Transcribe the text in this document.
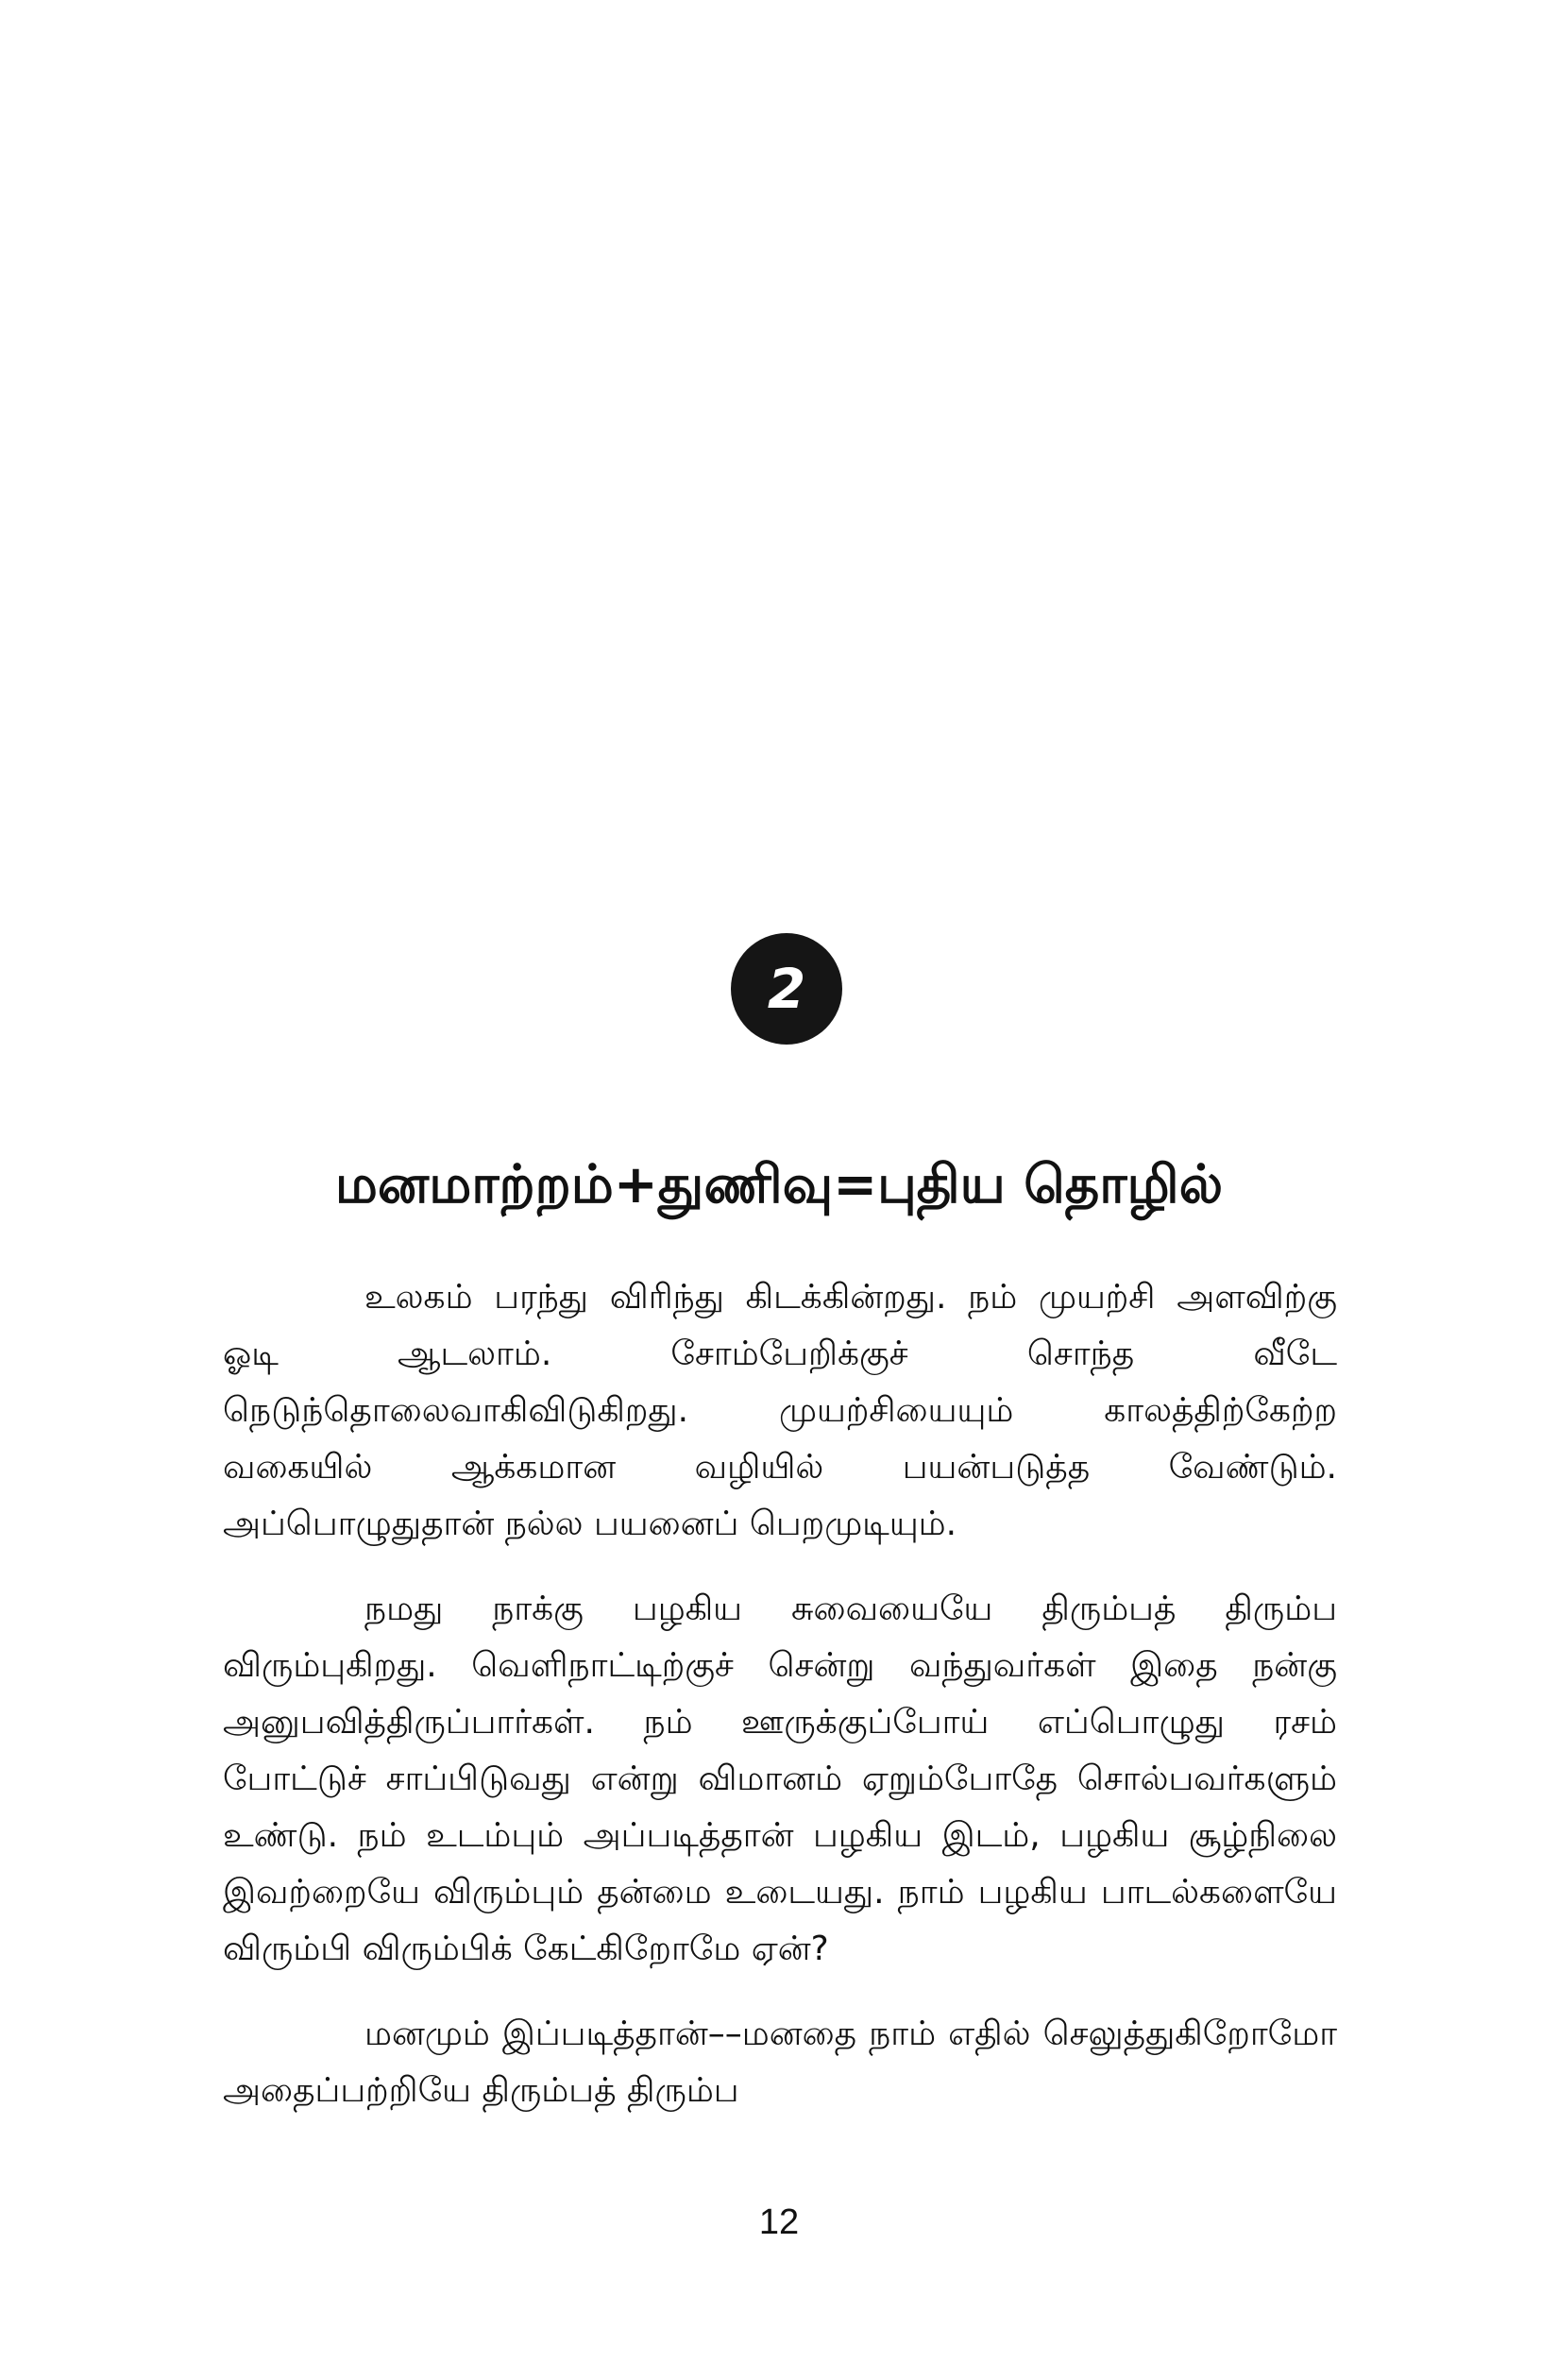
2
மனமாற்றம்+துணிவு=புதிய தொழில்

உலகம் பரந்து விரிந்து கிடக்கின்றது. நம் முயற்சி அளவிற்கு ஓடி ஆடலாம். சோம்பேறிக்குச் சொந்த வீடே நெடுந்தொலைவாகிவிடுகிறது. முயற்சியையும் காலத்திற்கேற்ற வகையில் ஆக்கமான வழியில் பயன்படுத்த வேண்டும். அப்பொழுதுதான் நல்ல பயனைப் பெறமுடியும்.

நமது நாக்கு பழகிய சுவையையே திரும்பத் திரும்ப விரும்புகிறது. வெளிநாட்டிற்குச் சென்று வந்துவர்கள் இதை நன்கு அனுபவித்திருப்பார்கள். நம் ஊருக்குப்போய் எப்பொழுது ரசம் போட்டுச் சாப்பிடுவது என்று விமானம் ஏறும்போதே சொல்பவர்களும் உண்டு. நம் உடம்பும் அப்படித்தான் பழகிய இடம், பழகிய சூழ்நிலை இவற்றையே விரும்பும் தன்மை உடையது. நாம் பழகிய பாடல்களையே விரும்பி விரும்பிக் கேட்கிறோமே ஏன்?

மனமும் இப்படித்தான்––மனதை நாம் எதில் செலுத்துகிறோமோ அதைப்பற்றியே திரும்பத் திரும்ப

12
